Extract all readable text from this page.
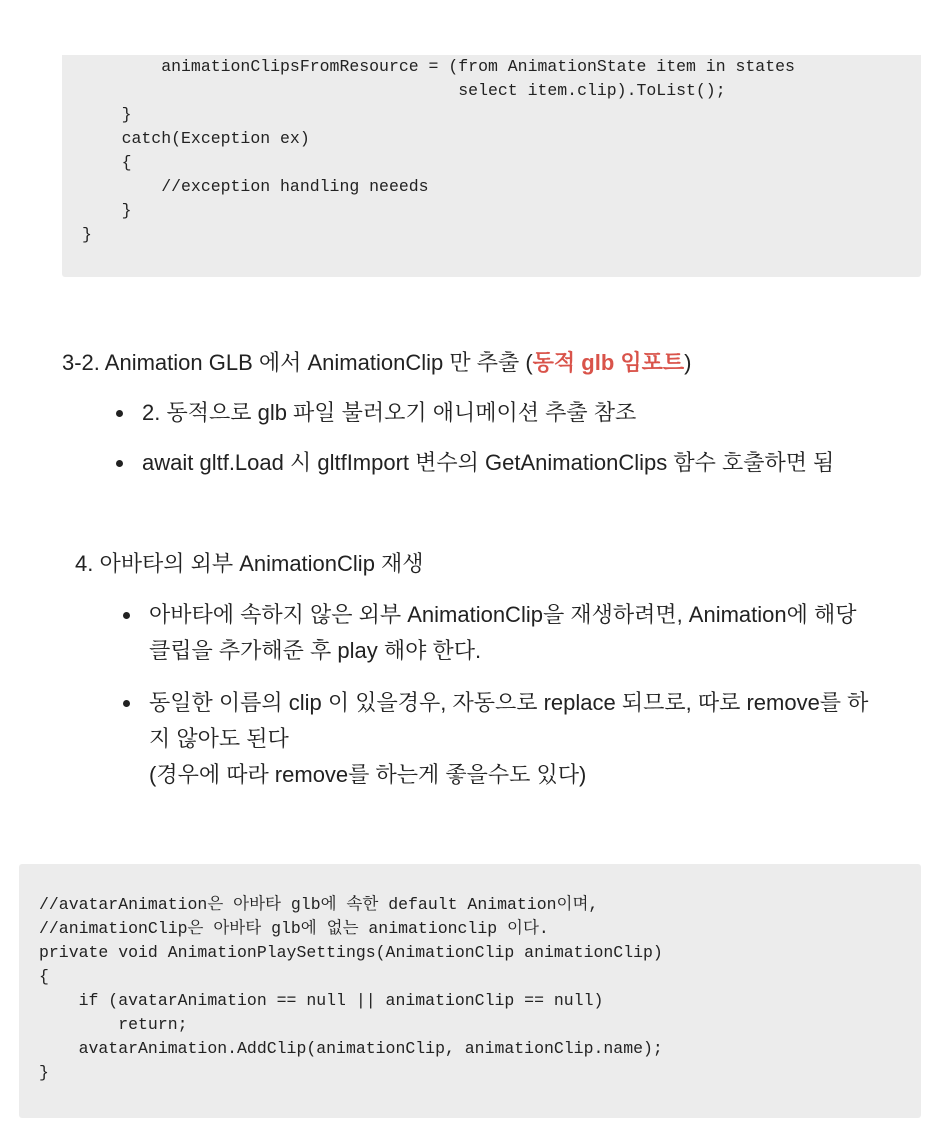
animationClipsFromResource = (from AnimationState item in states
select item.clip).ToList();
}
catch(Exception ex)
{
//exception handling neeeds
}
}
3-2. Animation GLB 에서 AnimationClip 만 추출 (동적 glb 임포트)
2. 동적으로 glb 파일 불러오기 애니메이션 추출 참조
await gltf.Load 시 gltfImport 변수의 GetAnimationClips 함수 호출하면 됨
4. 아바타의 외부 AnimationClip 재생
아바타에 속하지 않은 외부 AnimationClip을 재생하려면, Animation에 해당
클립을 추가해준 후 play 해야 한다.
동일한 이름의 clip 이 있을경우, 자동으로 replace 되므로, 따로 remove를 하
지 않아도 된다
(경우에 따라 remove를 하는게 좋을수도 있다)
//avatarAnimation은 아바타 glb에 속한 default Animation이며,
//animationClip은 아바타 glb에 없는 animationclip 이다.
private void AnimationPlaySettings(AnimationClip animationClip)
{
if (avatarAnimation == null || animationClip == null)
return;
avatarAnimation.AddClip(animationClip, animationClip.name);
}
